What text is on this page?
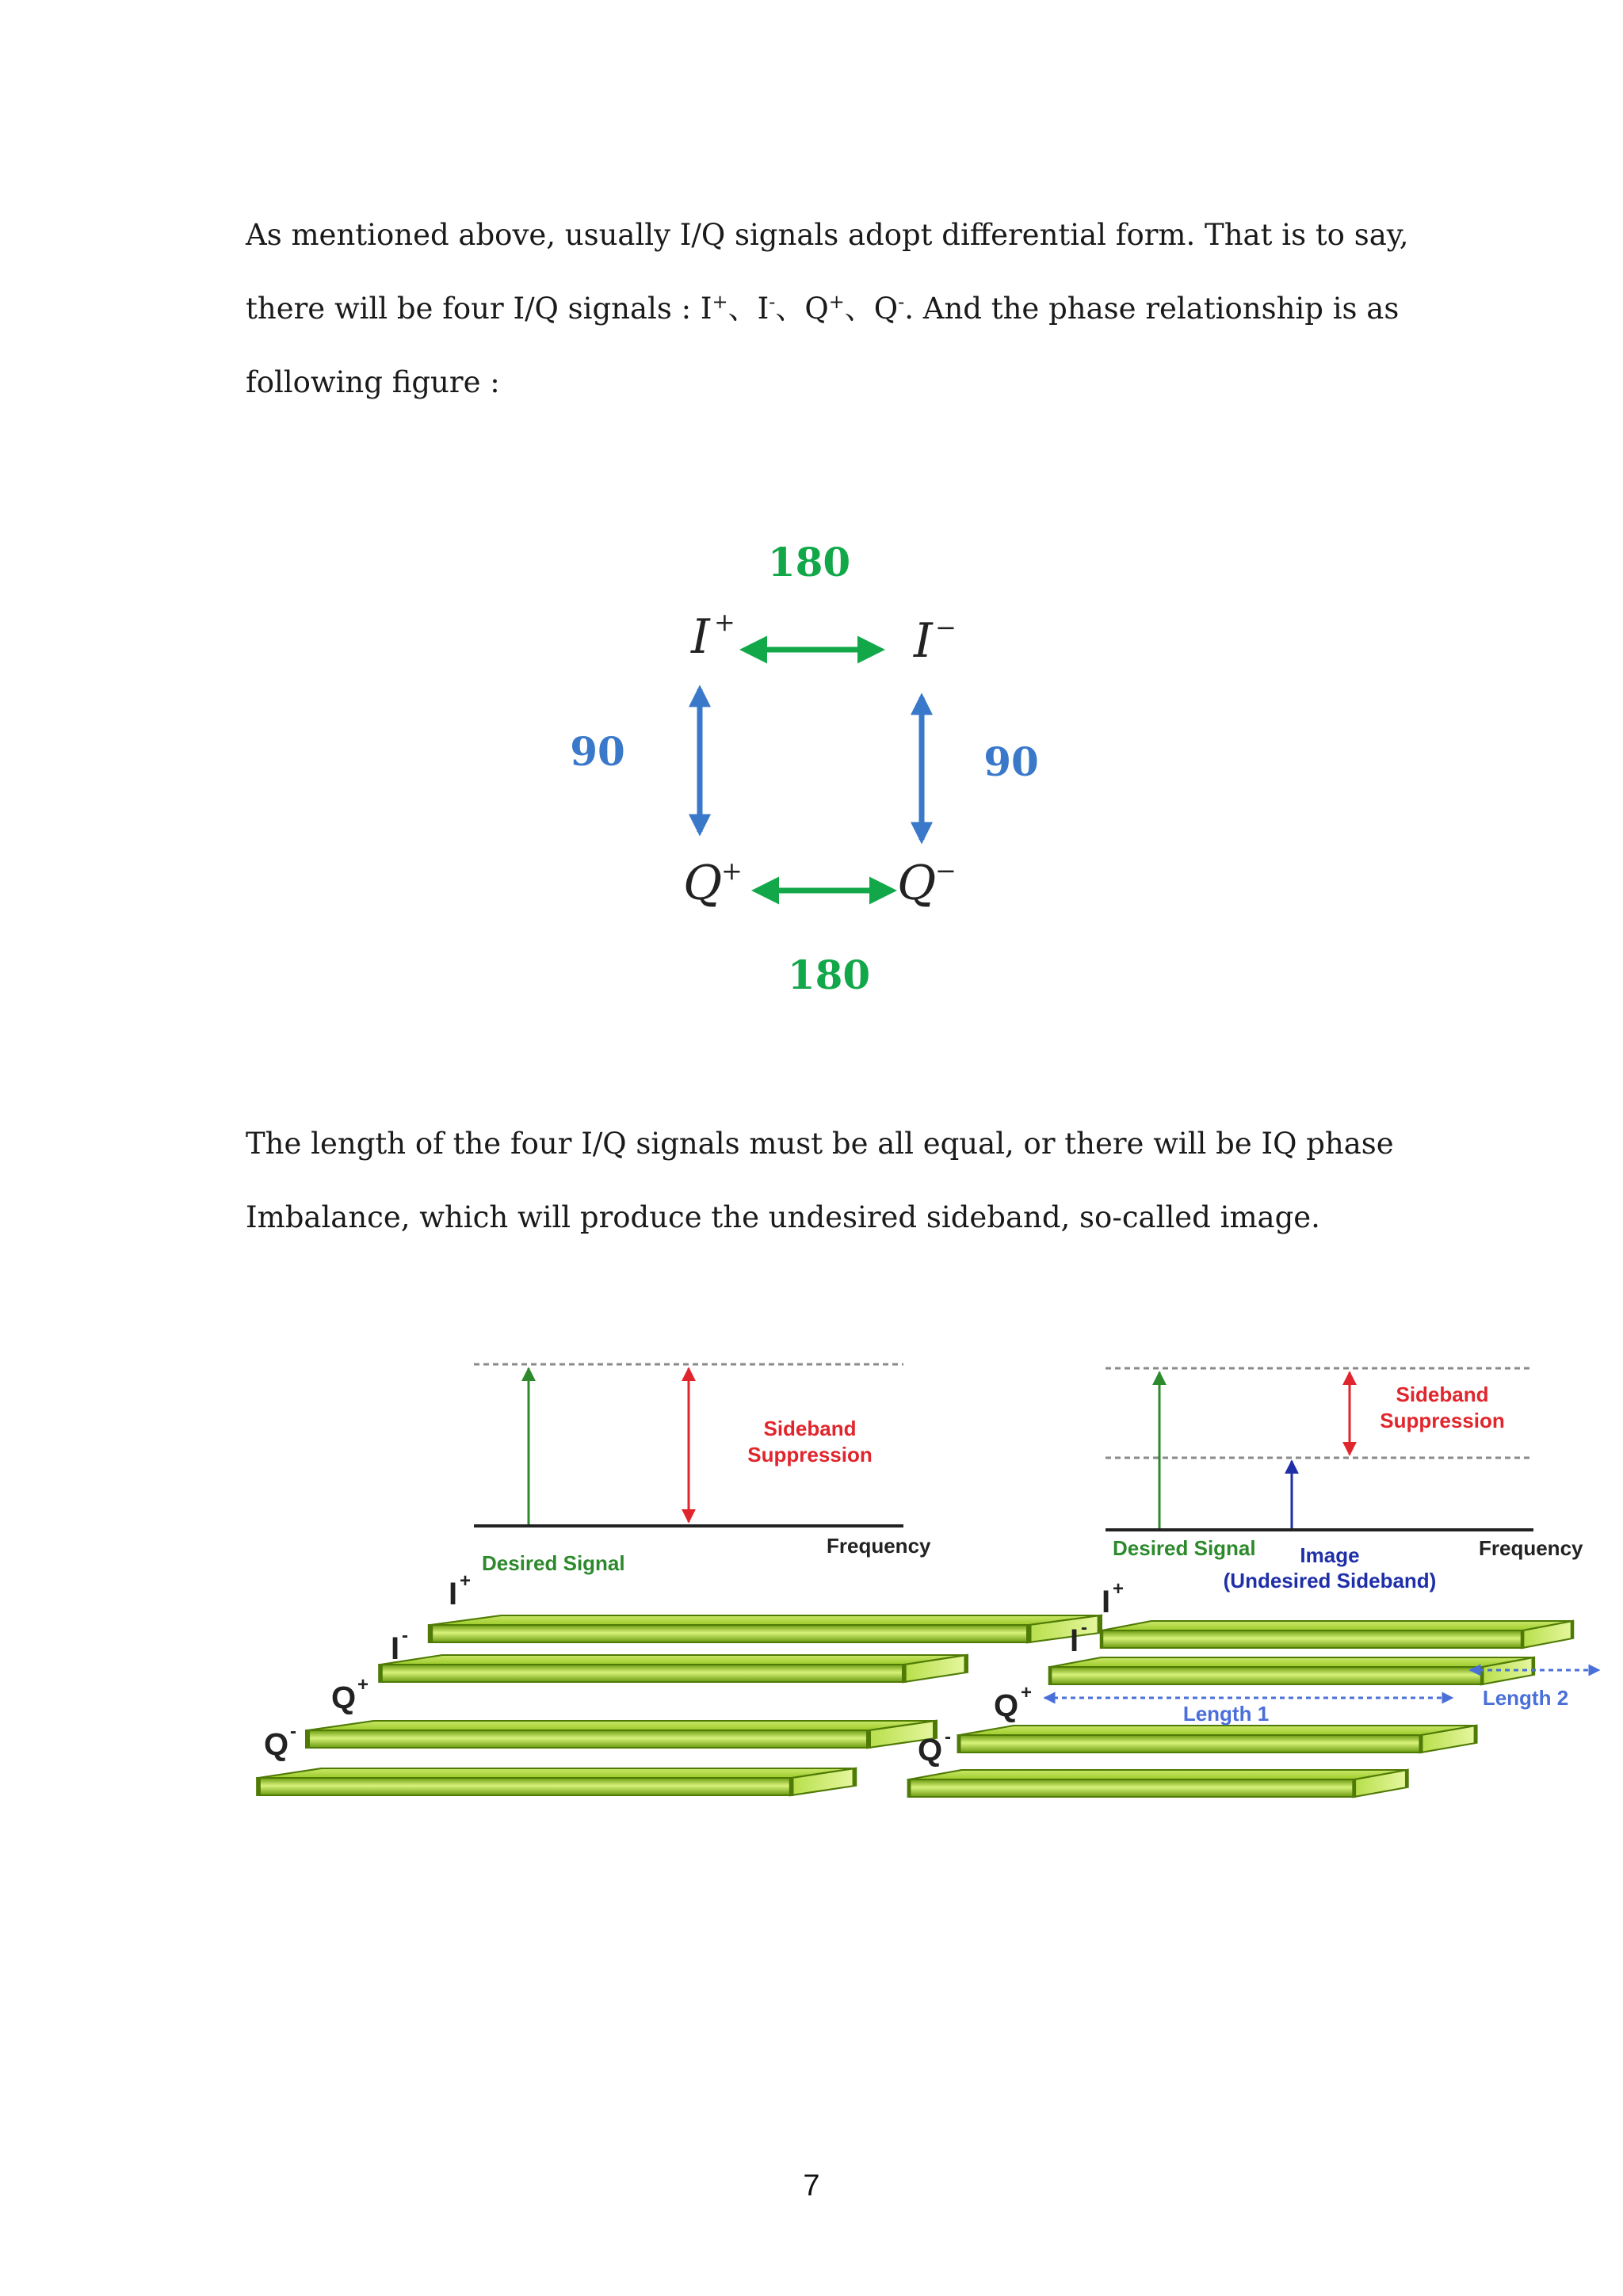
As mentioned above, usually I/Q signals adopt differential form. That is to say,

there will be four I/Q signals : I+、I-、Q+、Q-. And the phase relationship is as

following figure :

180
180
90	90
I +	I −
Q
+	Q
−
Sideband
Suppression
Desired Signal
Frequency
I +
I -
Q +
Q -
Sideband
Suppression
Desired Signal Image
(Undesired Sideband)
Frequency
I +
I -
Q +
Q -
Length 1
Length 2

The length of the four I/Q signals must be all equal, or there will be IQ phase

Imbalance, which will produce the undesired sideband, so-called image.

7
